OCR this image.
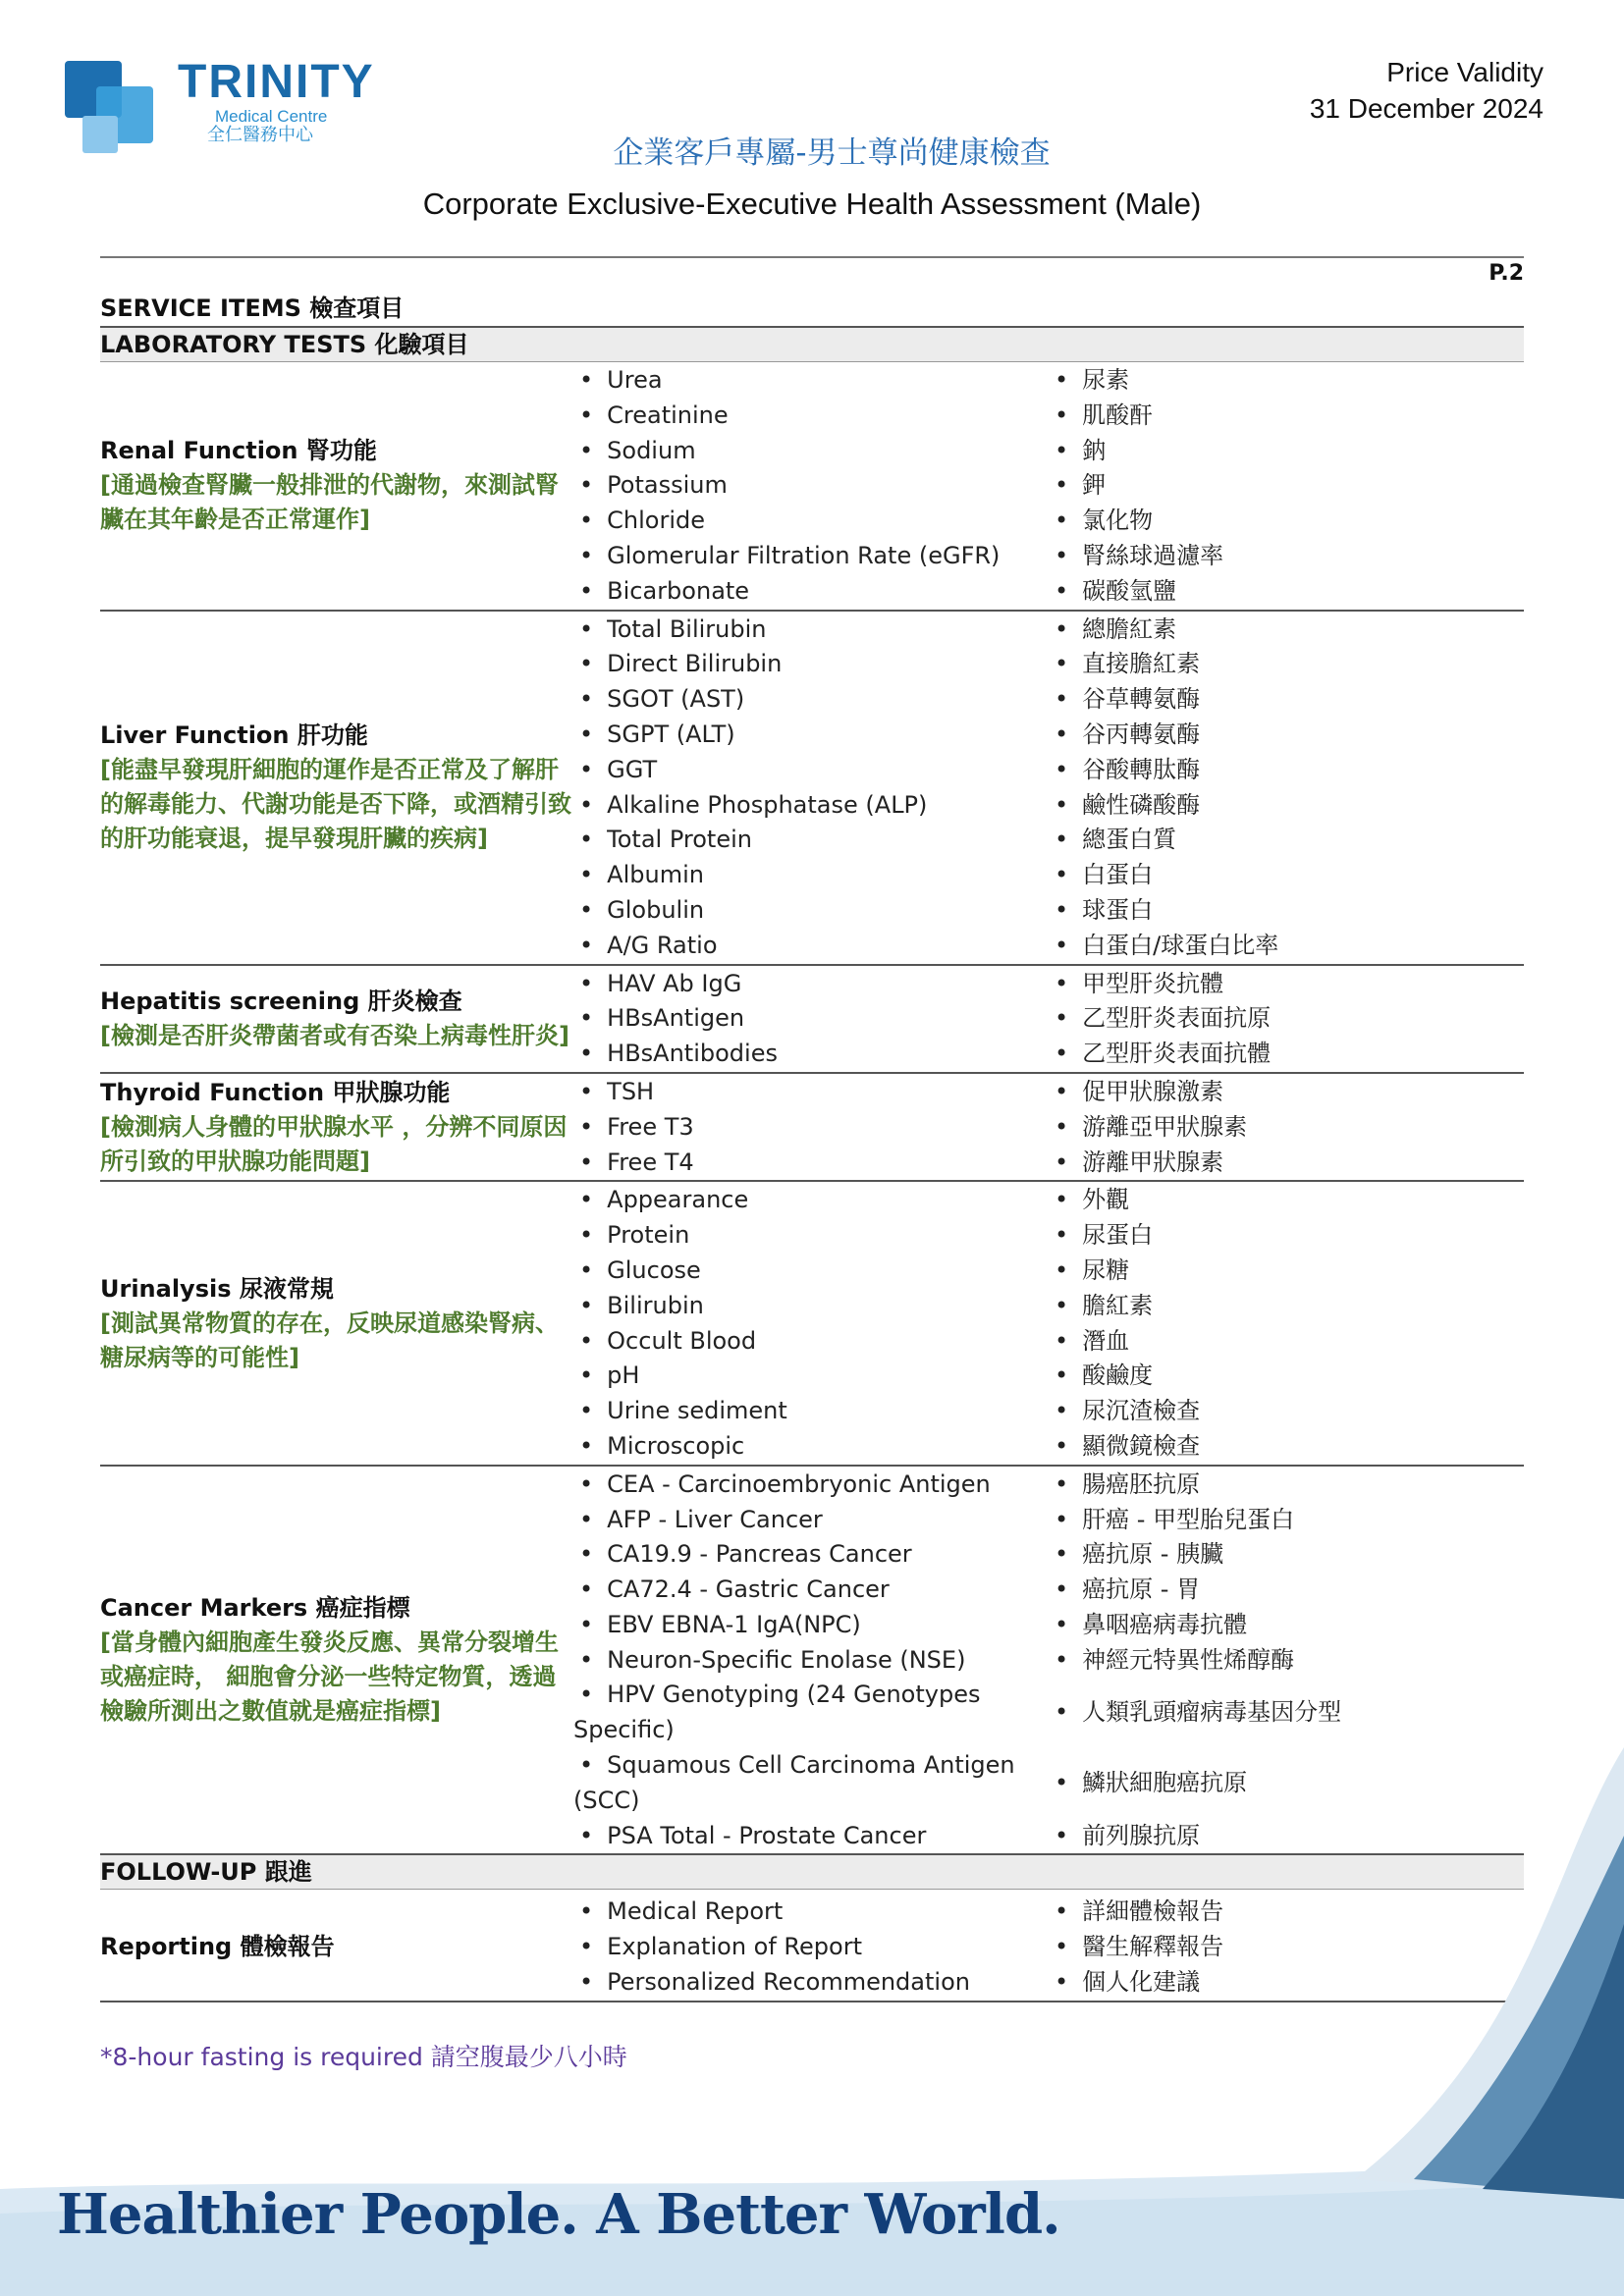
TRINITY
Medical Centre
全仁醫務中心
Price Validity
31 December 2024
企業客戶專屬-男士尊尚健康檢查
Corporate Exclusive-Executive Health Assessment (Male)
P.2
SERVICE ITEMS 檢查項目
LABORATORY TESTS 化驗項目
Renal Function 腎功能
[通過檢查腎臟一般排泄的代謝物，來測試腎臟在其年齡是否正常運作]
• Urea
• Creatinine
• Sodium
• Potassium
• Chloride
• Glomerular Filtration Rate (eGFR)
• Bicarbonate
• 尿素
• 肌酸酐
• 鈉
• 鉀
• 氯化物
• 腎絲球過濾率
• 碳酸氫鹽
Liver Function 肝功能
[能盡早發現肝細胞的運作是否正常及了解肝的解毒能力、代謝功能是否下降，或酒精引致的肝功能衰退，提早發現肝臟的疾病]
• Total Bilirubin
• Direct Bilirubin
• SGOT (AST)
• SGPT (ALT)
• GGT
• Alkaline Phosphatase (ALP)
• Total Protein
• Albumin
• Globulin
• A/G Ratio
• 總膽紅素
• 直接膽紅素
• 谷草轉氨酶
• 谷丙轉氨酶
• 谷酸轉肽酶
• 鹼性磷酸酶
• 總蛋白質
• 白蛋白
• 球蛋白
• 白蛋白/球蛋白比率
Hepatitis screening 肝炎檢查
[檢測是否肝炎帶菌者或有否染上病毒性肝炎]
• HAV Ab IgG
• HBsAntigen
• HBsAntibodies
• 甲型肝炎抗體
• 乙型肝炎表面抗原
• 乙型肝炎表面抗體
Thyroid Function 甲狀腺功能
[檢測病人身體的甲狀腺水平 ，分辨不同原因所引致的甲狀腺功能問題]
• TSH
• Free T3
• Free T4
• 促甲狀腺激素
• 游離亞甲狀腺素
• 游離甲狀腺素
Urinalysis 尿液常規
[測試異常物質的存在，反映尿道感染腎病、糖尿病等的可能性]
• Appearance
• Protein
• Glucose
• Bilirubin
• Occult Blood
• pH
• Urine sediment
• Microscopic
• 外觀
• 尿蛋白
• 尿糖
• 膽紅素
• 潛血
• 酸鹼度
• 尿沉渣檢查
• 顯微鏡檢查
Cancer Markers 癌症指標
[當身體內細胞產生發炎反應、異常分裂增生或癌症時， 細胞會分泌一些特定物質，透過檢驗所測出之數值就是癌症指標]
• CEA - Carcinoembryonic Antigen
• AFP - Liver Cancer
• CA19.9 - Pancreas Cancer
• CA72.4 - Gastric Cancer
• EBV EBNA-1 IgA(NPC)
• Neuron-Specific Enolase (NSE)
• HPV Genotyping (24 Genotypes Specific)
• Squamous Cell Carcinoma Antigen (SCC)
• PSA Total - Prostate Cancer
• 腸癌胚抗原
• 肝癌 - 甲型胎兒蛋白
• 癌抗原 - 胰臟
• 癌抗原 - 胃
• 鼻咽癌病毒抗體
• 神經元特異性烯醇酶
• 人類乳頭瘤病毒基因分型
• 鱗狀細胞癌抗原
• 前列腺抗原
FOLLOW-UP 跟進
Reporting 體檢報告
• Medical Report
• Explanation of Report
• Personalized Recommendation
• 詳細體檢報告
• 醫生解釋報告
• 個人化建議
*8-hour fasting is required 請空腹最少八小時
Healthier People. A Better World.
